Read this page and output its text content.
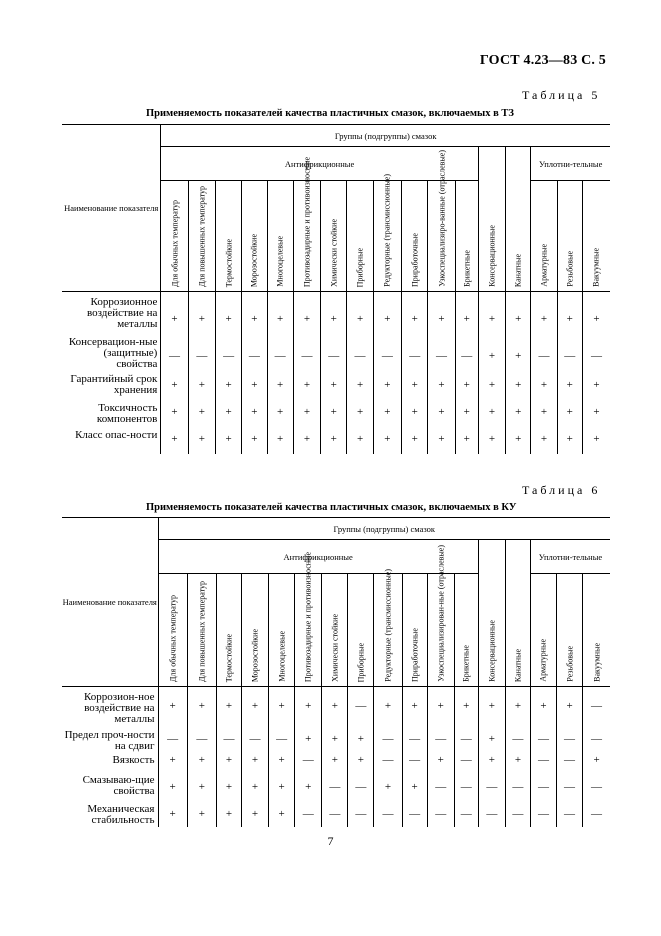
ГОСТ 4.23—83 С. 5
Таблица 5
Применяемость показателей качества пластичных смазок, включаемых в ТЗ
Наименование показателя	Группы (подгруппы) смазок																
	Антифрикционные												Консервационные	Канатные	Уплотни-тельные		

	Для обычных температур	Для повышенных температур	Термостойкие	Морозостойкие	Многоцелевые	Противозадирные и противоизносные	Химически стойкие	Приборные	Редукторные (трансмиссионные)	Приработочные	Узкоспециализиро-ванные (отраслевые)	Брикетные			Арматурные	Резьбовые	Вакуумные

Коррозионное воздействие на металлы	+	+	+	+	+	+	+	+	+	+	+	+	+	+	+	+	+

Консервацион-ные (защитные) свойства	—	—	—	—	—	—	—	—	—	—	—	—	+	+	—	—	—

Гарантийный срок хранения	+	+	+	+	+	+	+	+	+	+	+	+	+	+	+	+	+

Токсичность компонентов	+	+	+	+	+	+	+	+	+	+	+	+	+	+	+	+	+

Класс опас-ности	+	+	+	+	+	+	+	+	+	+	+	+	+	+	+	+	+
Таблица 6
Применяемость показателей качества пластичных смазок, включаемых в КУ
Наименование показателя	Группы (подгруппы) смазок																
	Антифрикционные												Консервационные	Канатные	Уплотни-тельные		

	Для обычных температур	Для повышенных температур	Термостойкие	Морозостойкие	Многоцелевые	Противозадирные и противоизносные	Химически стойкие	Приборные	Редукторные (трансмиссионные)	Приработочные	Узкоспециализирован-ные (отраслевые)	Брикетные			Арматурные	Резьбовые	Вакуумные

Коррозион-ное воздействие на металлы	+	+	+	+	+	+	+	—	+	+	+	+	+	+	+	+	—

Предел проч-ности на сдвиг	—	—	—	—	—	+	+	+	—	—	—	—	+	—	—	—	—

Вязкость	+	+	+	+	+	—	+	+	—	—	+	—	+	+	—	—	+

Смазываю-щие свойства	+	+	+	+	+	+	—	—	+	+	—	—	—	—	—	—	—

Механическая стабильность	+	+	+	+	+	—	—	—	—	—	—	—	—	—	—	—	—
7
